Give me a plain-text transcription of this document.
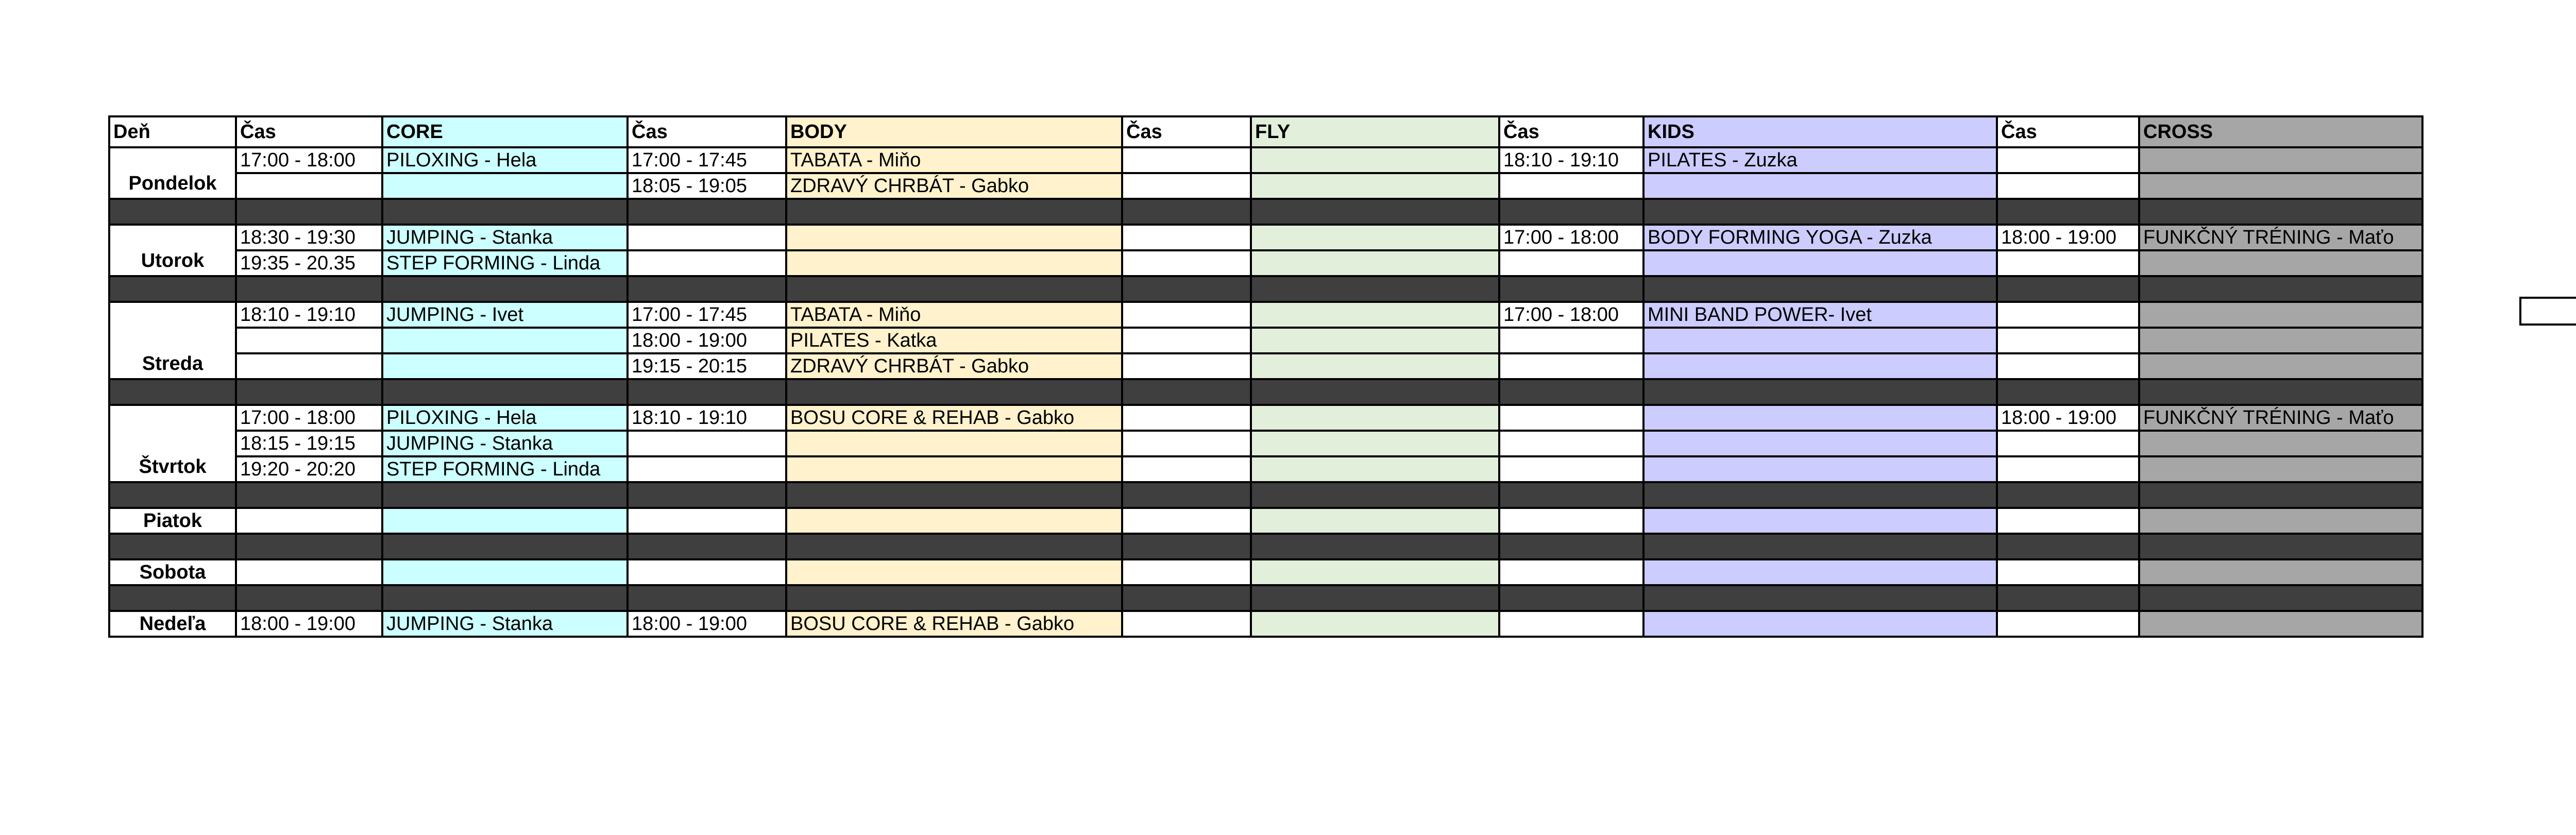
Deň	Čas	CORE	Čas	BODY	Čas	FLY	Čas	KIDS	Čas	CROSS
Pondelok	17:00 - 18:00	PILOXING - Hela	17:00 - 17:45	TABATA - Miňo			18:10 - 19:10	PILATES - Zuzka		
			18:05 - 19:05	ZDRAVÝ CHRBÁT - Gabko						

Utorok	18:30 - 19:30	JUMPING - Stanka					17:00 - 18:00	BODY FORMING YOGA - Zuzka	18:00 - 19:00	FUNKČNÝ TRÉNING - Maťo
	19:35 - 20.35	STEP FORMING - Linda								

Streda	18:10 - 19:10	JUMPING - Ivet	17:00 - 17:45	TABATA - Miňo			17:00 - 18:00	MINI BAND POWER- Ivet		
			18:00 - 19:00	PILATES - Katka						
			19:15 - 20:15	ZDRAVÝ CHRBÁT - Gabko						

Štvrtok	17:00 - 18:00	PILOXING - Hela	18:10 - 19:10	BOSU CORE & REHAB - Gabko					18:00 - 19:00	FUNKČNÝ TRÉNING - Maťo
	18:15 - 19:15	JUMPING - Stanka								
	19:20 - 20:20	STEP FORMING - Linda								

Piatok										

Sobota										

Nedeľa	18:00 - 19:00	JUMPING - Stanka	18:00 - 19:00	BOSU CORE & REHAB - Gabko						
